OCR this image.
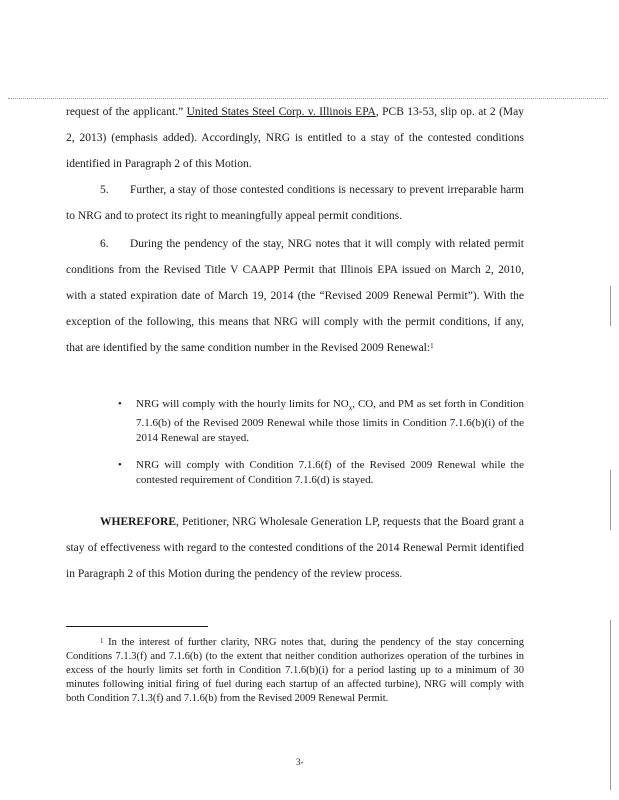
request of the applicant.” United States Steel Corp. v. Illinois EPA, PCB 13-53, slip op. at 2 (May 2, 2013) (emphasis added). Accordingly, NRG is entitled to a stay of the contested conditions identified in Paragraph 2 of this Motion.

5. Further, a stay of those contested conditions is necessary to prevent irreparable harm to NRG and to protect its right to meaningfully appeal permit conditions.

6. During the pendency of the stay, NRG notes that it will comply with related permit conditions from the Revised Title V CAAPP Permit that Illinois EPA issued on March 2, 2010, with a stated expiration date of March 19, 2014 (the “Revised 2009 Renewal Permit”). With the exception of the following, this means that NRG will comply with the permit conditions, if any, that are identified by the same condition number in the Revised 2009 Renewal:$^1$

• NRG will comply with the hourly limits for $NO_x$, CO, and PM as set forth in Condition 7.1.6(b) of the Revised 2009 Renewal while those limits in Condition 7.1.6(b)(i) of the 2014 Renewal are stayed.
• NRG will comply with Condition 7.1.6(f) of the Revised 2009 Renewal while the contested requirement of Condition 7.1.6(d) is stayed.

WHEREFORE, Petitioner, NRG Wholesale Generation LP, requests that the Board grant a stay of effectiveness with regard to the contested conditions of the 2014 Renewal Permit identified in Paragraph 2 of this Motion during the pendency of the review process.

$^1$ In the interest of further clarity, NRG notes that, during the pendency of the stay concerning Conditions 7.1.3(f) and 7.1.6(b) (to the extent that neither condition authorizes operation of the turbines in excess of the hourly limits set forth in Condition 7.1.6(b)(i) for a period lasting up to a minimum of 30 minutes following initial firing of fuel during each startup of an affected turbine), NRG will comply with both Condition 7.1.3(f) and 7.1.6(b) from the Revised 2009 Renewal Permit.

3-
